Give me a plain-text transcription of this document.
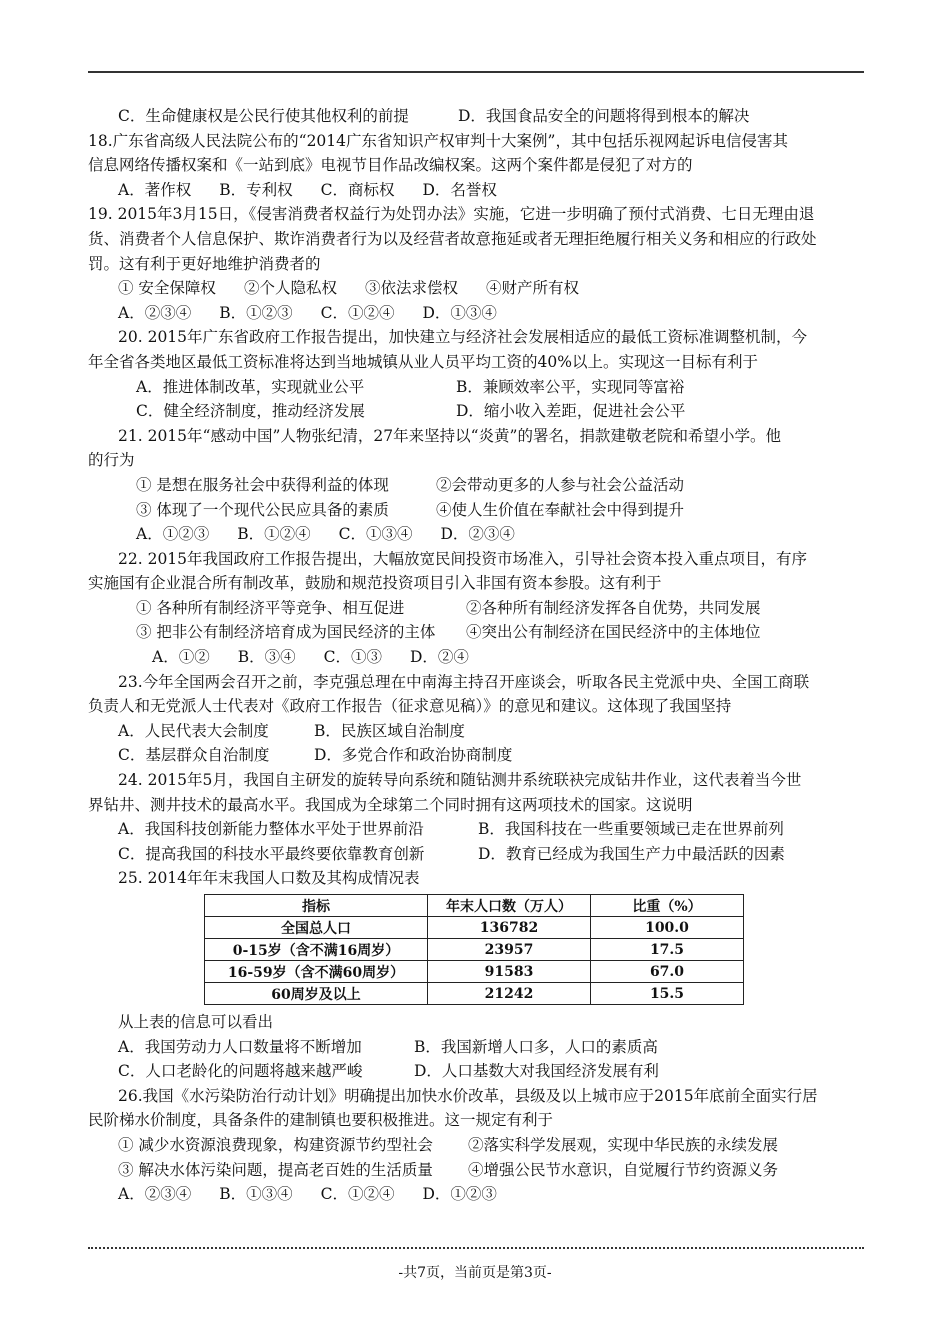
C．生命健康权是公民行使其他权利的前提	D．我国食品安全的问题将得到根本的解决
18.广东省高级人民法院公布的“2014广东省知识产权审判十大案例”，其中包括乐视网起诉电信侵害其
信息网络传播权案和《一站到底》电视节目作品改编权案。这两个案件都是侵犯了对方的
A．著作权 B．专利权 C．商标权 D．名誉权
19. 2015年3月15日，《侵害消费者权益行为处罚办法》实施，它进一步明确了预付式消费、七日无理由退
货、消费者个人信息保护、欺诈消费者行为以及经营者故意拖延或者无理拒绝履行相关义务和相应的行政处
罚。这有利于更好地维护消费者的
① 安全保障权 ②个人隐私权 ③依法求偿权 ④财产所有权
A．②③④ B．①②③ C．①②④ D．①③④
20. 2015年广东省政府工作报告提出，加快建立与经济社会发展相适应的最低工资标准调整机制，今
年全省各类地区最低工资标准将达到当地城镇从业人员平均工资的40%以上。实现这一目标有利于
A．推进体制改革，实现就业公平	B．兼顾效率公平，实现同等富裕
C．健全经济制度，推动经济发展	D．缩小收入差距，促进社会公平
21. 2015年“感动中国”人物张纪清，27年来坚持以“炎黄”的署名，捐款建敬老院和希望小学。他
的行为
① 是想在服务社会中获得利益的体现	②会带动更多的人参与社会公益活动
③ 体现了一个现代公民应具备的素质	④使人生价值在奉献社会中得到提升
A．①②③ B．①②④ C．①③④ D．②③④
22. 2015年我国政府工作报告提出，大幅放宽民间投资市场准入，引导社会资本投入重点项目，有序
实施国有企业混合所有制改革，鼓励和规范投资项目引入非国有资本参股。这有利于
① 各种所有制经济平等竞争、相互促进	②各种所有制经济发挥各自优势，共同发展
③ 把非公有制经济培育成为国民经济的主体 ④突出公有制经济在国民经济中的主体地位
A．①② B．③④ C．①③ D．②④
23.今年全国两会召开之前，李克强总理在中南海主持召开座谈会，听取各民主党派中央、全国工商联
负责人和无党派人士代表对《政府工作报告（征求意见稿）》的意见和建议。这体现了我国坚持
A．人民代表大会制度	B．民族区域自治制度
C．基层群众自治制度	D．多党合作和政治协商制度
24. 2015年5月，我国自主研发的旋转导向系统和随钻测井系统联袂完成钻井作业，这代表着当今世
界钻井、测井技术的最高水平。我国成为全球第二个同时拥有这两项技术的国家。这说明
A．我国科技创新能力整体水平处于世界前沿	B．我国科技在一些重要领域已走在世界前列
C．提高我国的科技水平最终要依靠教育创新	D．教育已经成为我国生产力中最活跃的因素
25. 2014年年末我国人口数及其构成情况表
指标	年末人口数（万人）	比重（%）
全国总人口	136782	100.0
0-15岁（含不满16周岁）	23957	17.5
16-59岁（含不满60周岁）	91583	67.0
60周岁及以上	21242	15.5
从上表的信息可以看出
A．我国劳动力人口数量将不断增加	B．我国新增人口多，人口的素质高
C．人口老龄化的问题将越来越严峻	D．人口基数大对我国经济发展有利
26.我国《水污染防治行动计划》明确提出加快水价改革，县级及以上城市应于2015年底前全面实行居
民阶梯水价制度，具备条件的建制镇也要积极推进。这一规定有利于
① 减少水资源浪费现象，构建资源节约型社会 ②落实科学发展观，实现中华民族的永续发展
③ 解决水体污染问题，提高老百姓的生活质量 ④增强公民节水意识，自觉履行节约资源义务
A．②③④ B．①③④ C．①②④ D．①②③
-共7页，当前页是第3页-
